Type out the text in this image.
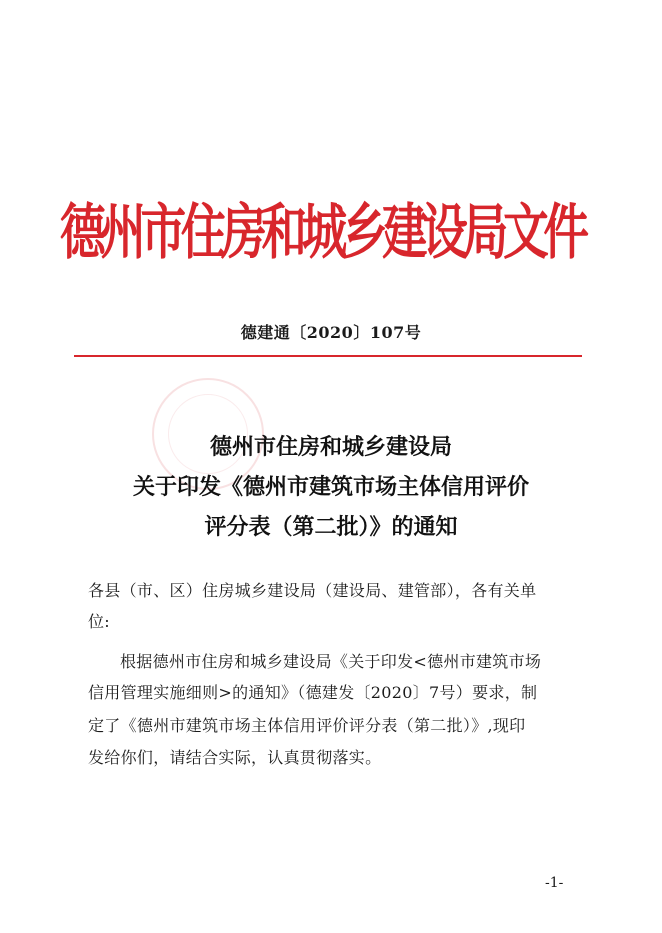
德州市住房和城乡建设局文件
德建通〔2020〕107号
德州市住房和城乡建设局
关于印发《德州市建筑市场主体信用评价
评分表（第二批）》的通知
各县（市、区）住房城乡建设局（建设局、建管部），各有关单
位:
根据德州市住房和城乡建设局《关于印发<德州市建筑市场
信用管理实施细则>的通知》（德建发〔2020〕7号）要求，制
定了《德州市建筑市场主体信用评价评分表（第二批）》,现印
发给你们，请结合实际，认真贯彻落实。
-1-
